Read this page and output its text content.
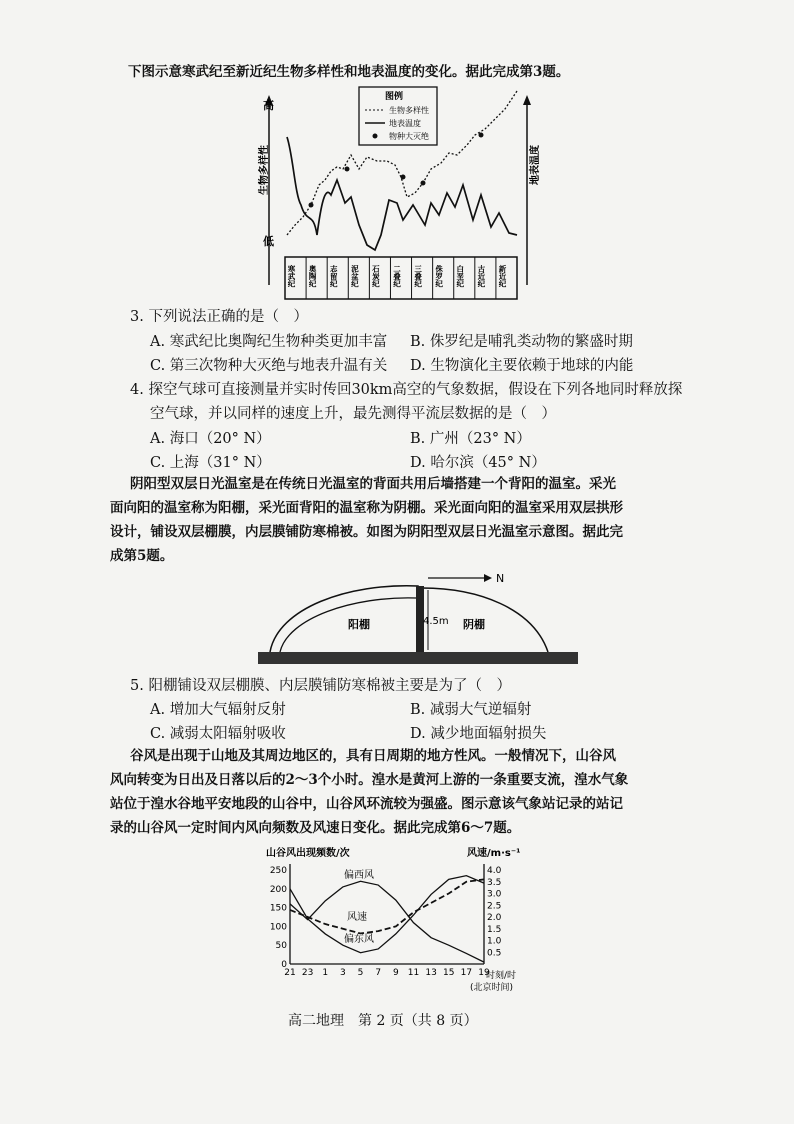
下图示意寒武纪至新近纪生物多样性和地表温度的变化。据此完成第3题。
高
低
生物多样性	地表温度
寒武纪 奥陶纪 志留纪 泥盆纪 石炭纪 二叠纪 三叠纪 侏罗纪 白垩纪 古近纪 新近纪
图例
生物多样性
地表温度
物种大灭绝
3. 下列说法正确的是（　）
A. 寒武纪比奥陶纪生物种类更加丰富 B. 侏罗纪是哺乳类动物的繁盛时期
C. 第三次物种大灭绝与地表升温有关 D. 生物演化主要依赖于地球的内能
4. 探空气球可直接测量并实时传回30km高空的气象数据，假设在下列各地同时释放探
空气球，并以同样的速度上升，最先测得平流层数据的是（　）
A. 海口（20° N）	B. 广州（23° N）
C. 上海（31° N）	D. 哈尔滨（45° N）
阴阳型双层日光温室是在传统日光温室的背面共用后墙搭建一个背阳的温室。采光
面向阳的温室称为阳棚，采光面背阳的温室称为阴棚。采光面向阳的温室采用双层拱形
设计，铺设双层棚膜，内层膜铺防寒棉被。如图为阴阳型双层日光温室示意图。据此完
成第5题。
N
4.5m
阳棚	阴棚
5. 阳棚铺设双层棚膜、内层膜铺防寒棉被主要是为了（　）
A. 增加大气辐射反射	B. 减弱大气逆辐射
C. 减弱太阳辐射吸收	D. 减少地面辐射损失
谷风是出现于山地及其周边地区的，具有日周期的地方性风。一般情况下，山谷风
风向转变为日出及日落以后的2～3个小时。湟水是黄河上游的一条重要支流，湟水气象
站位于湟水谷地平安地段的山谷中，山谷风环流较为强盛。图示意该气象站记录的站记
录的山谷风一定时间内风向频数及风速日变化。据此完成第6～7题。
山谷风出现频数/次	风速/m·s⁻¹
250
200
150
100
50
0
4.0
3.5
3.0
2.5
2.0
1.5
1.0
0.5
21 23 1 3 5 7 9 11 13 15 17 19
时刻/时
(北京时间)
偏西风
偏东风
风速
高二地理　第 2 页（共 8 页）
